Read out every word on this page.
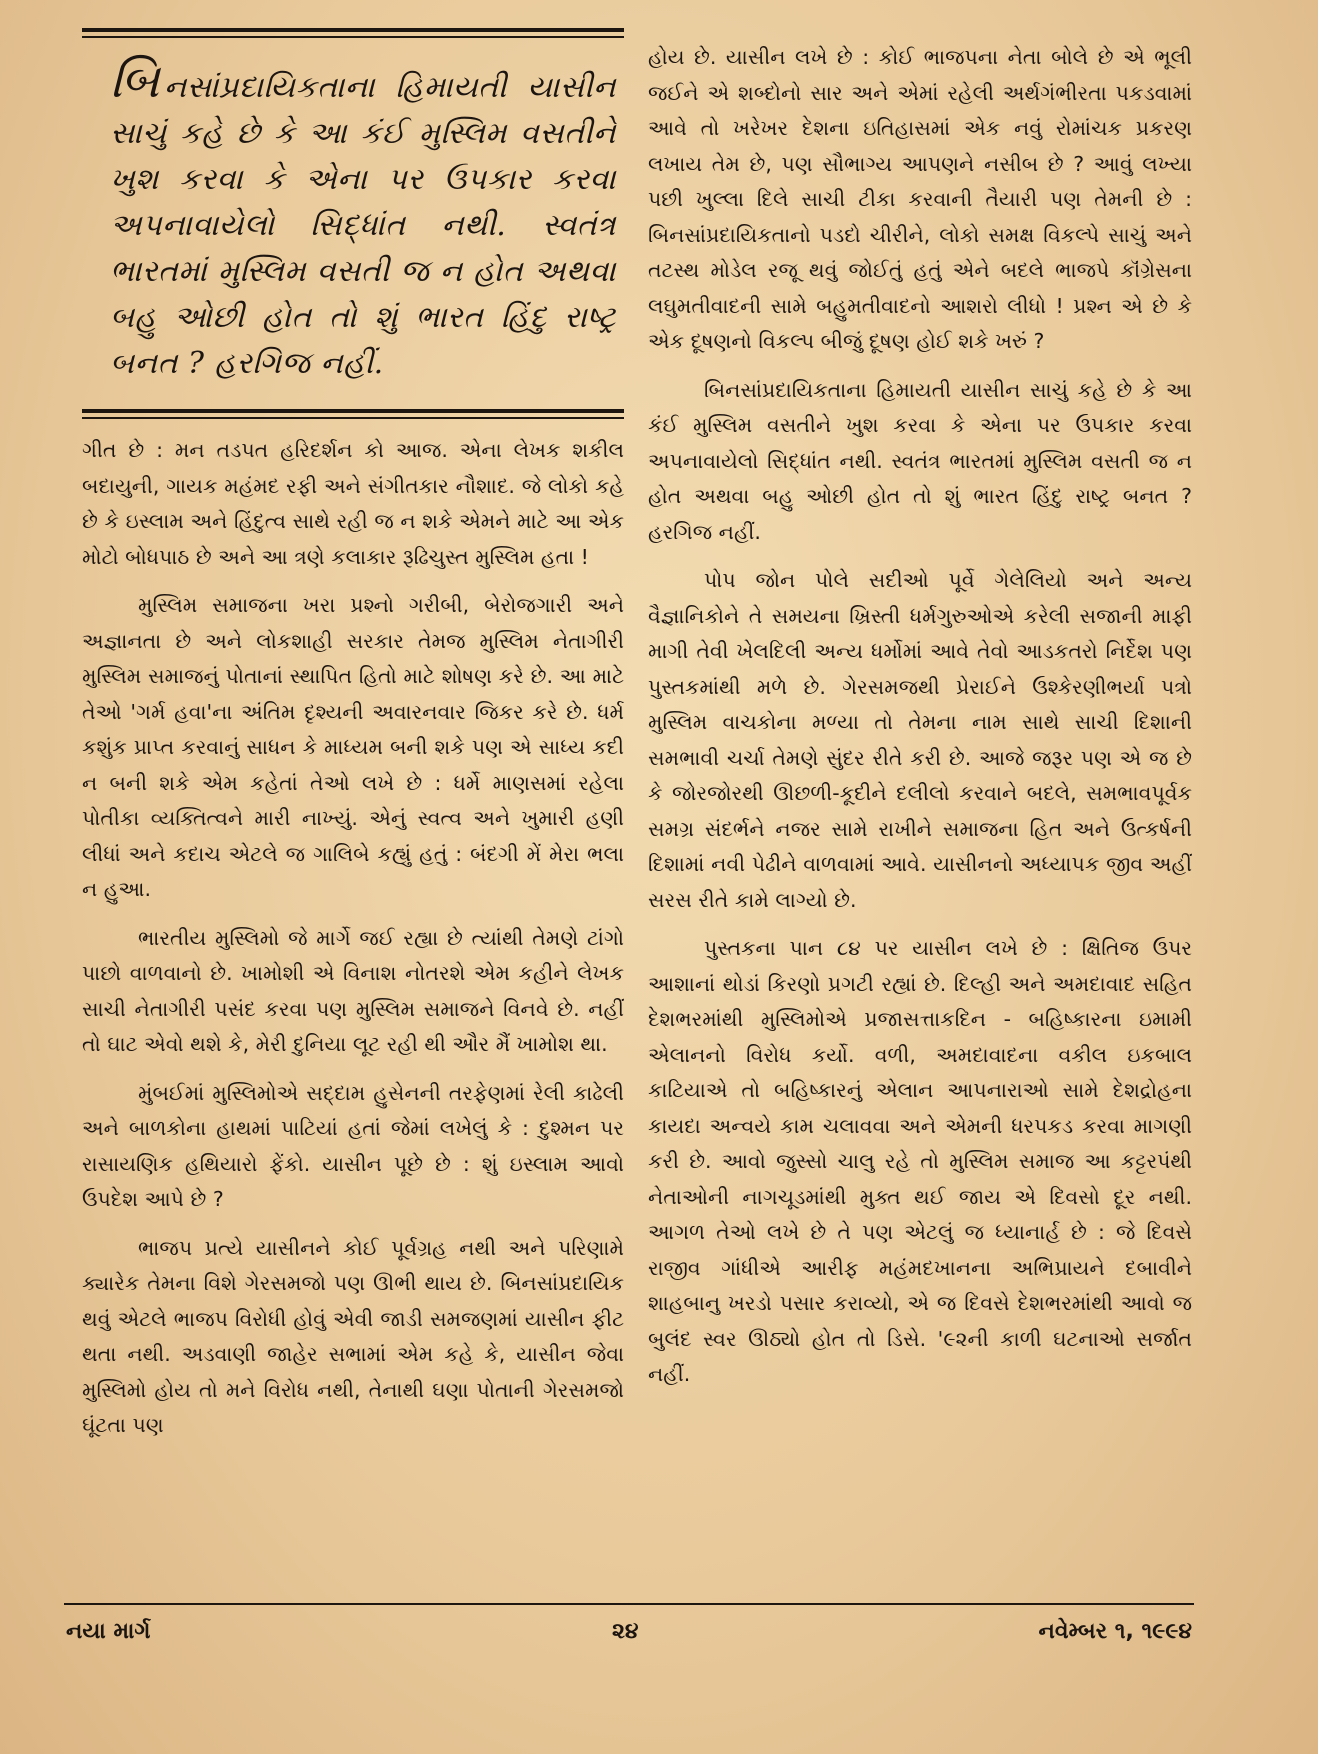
બિનસાંપ્રદાયિકતાના હિમાયતી યાસીન સાચું કહે છે કે આ કંઈ મુસ્લિમ વસતીને ખુશ કરવા કે એના પર ઉપકાર કરવા અપનાવાયેલો સિદ્ધાંત નથી. સ્વતંત્ર ભારતમાં મુસ્લિમ વસતી જ ન હોત અથવા બહુ ઓછી હોત તો શું ભારત હિંદુ રાષ્ટ્ર બનત ? હરગિજ નહીં.

ગીત છે : મન તડપત હરિદર્શન કો આજ. એના લેખક શકીલ બદાયુની, ગાયક મહંમદ રફી અને સંગીતકાર નૌશાદ. જે લોકો કહે છે કે ઇસ્લામ અને હિંદુત્વ સાથે રહી જ ન શકે એમને માટે આ એક મોટો બોધપાઠ છે અને આ ત્રણે કલાકાર રૂઢિચુસ્ત મુસ્લિમ હતા !

મુસ્લિમ સમાજના ખરા પ્રશ્નો ગરીબી, બેરોજગારી અને અજ્ઞાનતા છે અને લોકશાહી સરકાર તેમજ મુસ્લિમ નેતાગીરી મુસ્લિમ સમાજનું પોતાનાં સ્થાપિત હિતો માટે શોષણ કરે છે. આ માટે તેઓ 'ગર્મ હવા'ના અંતિમ દૃશ્યની અવારનવાર જિકર કરે છે. ધર્મ કશુંક પ્રાપ્ત કરવાનું સાધન કે માધ્યમ બની શકે પણ એ સાધ્ય કદી ન બની શકે એમ કહેતાં તેઓ લખે છે : ધર્મે માણસમાં રહેલા પોતીકા વ્યક્તિત્વને મારી નાખ્યું. એનું સ્વત્વ અને ખુમારી હણી લીધાં અને કદાચ એટલે જ ગાલિબે કહ્યું હતું : બંદગી મેં મેરા ભલા ન હુઆ.

ભારતીય મુસ્લિમો જે માર્ગે જઈ રહ્યા છે ત્યાંથી તેમણે ટાંગો પાછો વાળવાનો છે. ખામોશી એ વિનાશ નોતરશે એમ કહીને લેખક સાચી નેતાગીરી પસંદ કરવા પણ મુસ્લિમ સમાજને વિનવે છે. નહીં તો ઘાટ એવો થશે કે, મેરી દુનિયા લૂટ રહી થી ઔર મૈં ખામોશ થા.

મુંબઈમાં મુસ્લિમોએ સદ્દામ હુસેનની તરફેણમાં રેલી કાઢેલી અને બાળકોના હાથમાં પાટિયાં હતાં જેમાં લખેલું કે : દુશ્મન પર રાસાયણિક હથિયારો ફેંકો. યાસીન પૂછે છે : શું ઇસ્લામ આવો ઉપદેશ આપે છે ?

ભાજપ પ્રત્યે યાસીનને કોઈ પૂર્વગ્રહ નથી અને પરિણામે ક્યારેક તેમના વિશે ગેરસમજો પણ ઊભી થાય છે. બિનસાંપ્રદાયિક થવું એટલે ભાજપ વિરોધી હોવું એવી જાડી સમજણમાં યાસીન ફીટ થતા નથી. અડવાણી જાહેર સભામાં એમ કહે કે, યાસીન જેવા મુસ્લિમો હોય તો મને વિરોધ નથી, તેનાથી ઘણા પોતાની ગેરસમજો ઘૂંટતા પણ

હોય છે. યાસીન લખે છે : કોઈ ભાજપના નેતા બોલે છે એ ભૂલી જઈને એ શબ્દોનો સાર અને એમાં રહેલી અર્થગંભીરતા પકડવામાં આવે તો ખરેખર દેશના ઇતિહાસમાં એક નવું રોમાંચક પ્રકરણ લખાય તેમ છે, પણ સૌભાગ્ય આપણને નસીબ છે ? આવું લખ્યા પછી ખુલ્લા દિલે સાચી ટીકા કરવાની તૈયારી પણ તેમની છે : બિનસાંપ્રદાયિકતાનો પડદો ચીરીને, લોકો સમક્ષ વિકલ્પે સાચું અને તટસ્થ મોડેલ રજૂ થવું જોઈતું હતું એને બદલે ભાજપે કૉંગ્રેસના લઘુમતીવાદની સામે બહુમતીવાદનો આશરો લીધો ! પ્રશ્ન એ છે કે એક દૂષણનો વિકલ્પ બીજું દૂષણ હોઈ શકે ખરું ?

બિનસાંપ્રદાયિકતાના હિમાયતી યાસીન સાચું કહે છે કે આ કંઈ મુસ્લિમ વસતીને ખુશ કરવા કે એના પર ઉપકાર કરવા અપનાવાયેલો સિદ્ધાંત નથી. સ્વતંત્ર ભારતમાં મુસ્લિમ વસતી જ ન હોત અથવા બહુ ઓછી હોત તો શું ભારત હિંદુ રાષ્ટ્ર બનત ? હરગિજ નહીં.

પોપ જોન પોલે સદીઓ પૂર્વે ગેલેલિયો અને અન્ય વૈજ્ઞાનિકોને તે સમયના ખ્રિસ્તી ધર્મગુરુઓએ કરેલી સજાની માફી માગી તેવી ખેલદિલી અન્ય ધર્મોમાં આવે તેવો આડકતરો નિર્દેશ પણ પુસ્તકમાંથી મળે છે. ગેરસમજથી પ્રેરાઈને ઉશ્કેરણીભર્યા પત્રો મુસ્લિમ વાચકોના મળ્યા તો તેમના નામ સાથે સાચી દિશાની સમભાવી ચર્ચા તેમણે સુંદર રીતે કરી છે. આજે જરૂર પણ એ જ છે કે જોરજોરથી ઊછળી-કૂદીને દલીલો કરવાને બદલે, સમભાવપૂર્વક સમગ્ર સંદર્ભને નજર સામે રાખીને સમાજના હિત અને ઉત્કર્ષની દિશામાં નવી પેઢીને વાળવામાં આવે. યાસીનનો અધ્યાપક જીવ અહીં સરસ રીતે કામે લાગ્યો છે.

પુસ્તકના પાન ૮૪ પર યાસીન લખે છે : ક્ષિતિજ ઉપર આશાનાં થોડાં કિરણો પ્રગટી રહ્યાં છે. દિલ્હી અને અમદાવાદ સહિત દેશભરમાંથી મુસ્લિમોએ પ્રજાસત્તાકદિન - બહિષ્કારના ઇમામી એલાનનો વિરોધ કર્યો. વળી, અમદાવાદના વકીલ ઇકબાલ કાટિયાએ તો બહિષ્કારનું એલાન આપનારાઓ સામે દેશદ્રોહના કાયદા અન્વયે કામ ચલાવવા અને એમની ધરપકડ કરવા માગણી કરી છે. આવો જુસ્સો ચાલુ રહે તો મુસ્લિમ સમાજ આ કટ્ટરપંથી નેતાઓની નાગચૂડમાંથી મુક્ત થઈ જાય એ દિવસો દૂર નથી. આગળ તેઓ લખે છે તે પણ એટલું જ ધ્યાનાર્હ છે : જે દિવસે રાજીવ ગાંધીએ આરીફ મહંમદખાનના અભિપ્રાયને દબાવીને શાહબાનુ ખરડો પસાર કરાવ્યો, એ જ દિવસે દેશભરમાંથી આવો જ બુલંદ સ્વર ઊઠ્યો હોત તો ડિસે. '૯૨ની કાળી ઘટનાઓ સર્જાત નહીં.

નયા માર્ગ	૨૪	નવેમ્બર ૧, ૧૯૯૪
